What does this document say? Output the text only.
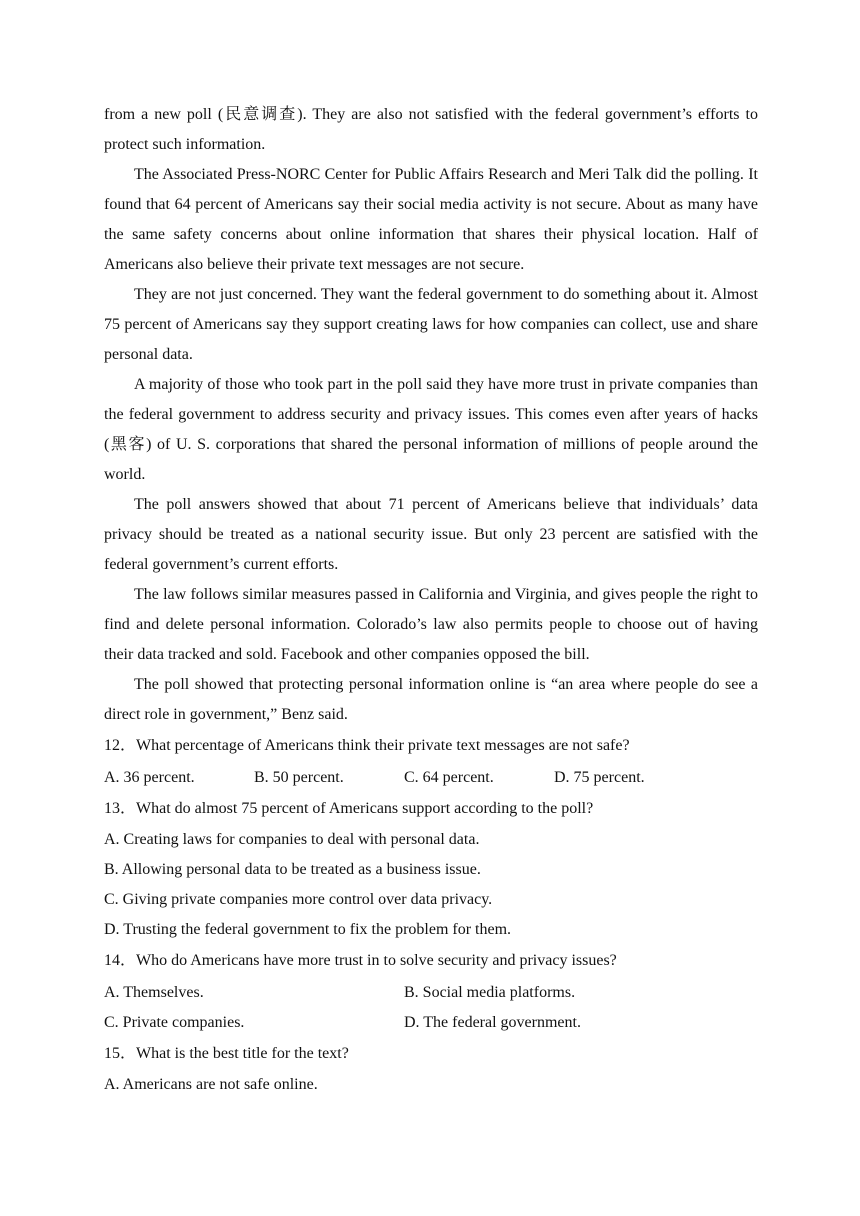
from a new poll (民意调查). They are also not satisfied with the federal government’s efforts to protect such information.

The Associated Press-NORC Center for Public Affairs Research and Meri Talk did the polling. It found that 64 percent of Americans say their social media activity is not secure. About as many have the same safety concerns about online information that shares their physical location. Half of Americans also believe their private text messages are not secure.

They are not just concerned. They want the federal government to do something about it. Almost 75 percent of Americans say they support creating laws for how companies can collect, use and share personal data.

A majority of those who took part in the poll said they have more trust in private companies than the federal government to address security and privacy issues. This comes even after years of hacks (黑客) of U. S. corporations that shared the personal information of millions of people around the world.

The poll answers showed that about 71 percent of Americans believe that individuals’ data privacy should be treated as a national security issue. But only 23 percent are satisfied with the federal government’s current efforts.

The law follows similar measures passed in California and Virginia, and gives people the right to find and delete personal information. Colorado’s law also permits people to choose out of having their data tracked and sold. Facebook and other companies opposed the bill.

The poll showed that protecting personal information online is “an area where people do see a direct role in government,” Benz said.

12．What percentage of Americans think their private text messages are not safe?

A. 36 percent.	B. 50 percent.	C. 64 percent.	D. 75 percent.

13．What do almost 75 percent of Americans support according to the poll?

A. Creating laws for companies to deal with personal data.
B. Allowing personal data to be treated as a business issue.
C. Giving private companies more control over data privacy.
D. Trusting the federal government to fix the problem for them.

14．Who do Americans have more trust in to solve security and privacy issues?

A. Themselves.	B. Social media platforms.
C. Private companies.	D. The federal government.

15．What is the best title for the text?

A. Americans are not safe online.
